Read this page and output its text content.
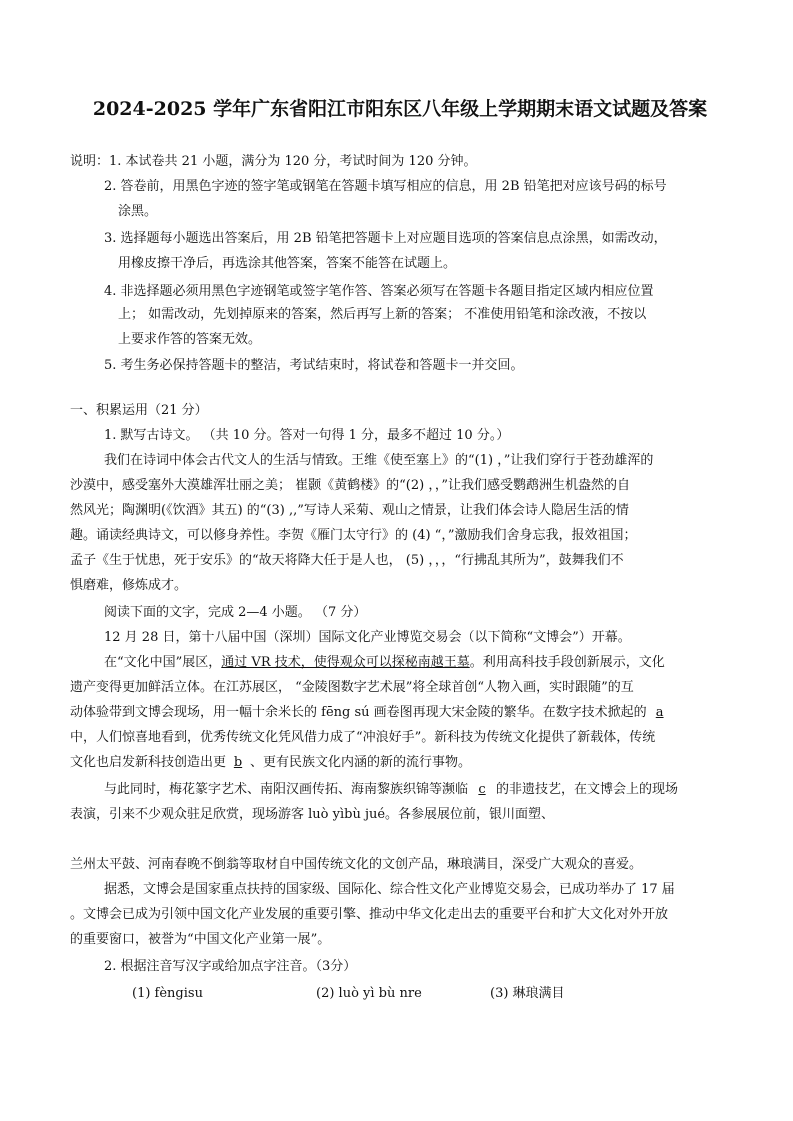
2024-2025 学年广东省阳江市阳东区八年级上学期期末语文试题及答案
说明：1. 本试卷共 21 小题，满分为 120 分，考试时间为 120 分钟。
2. 答卷前，用黑色字迹的签字笔或钢笔在答题卡填写相应的信息，用 2B 铅笔把对应该号码的标号
涂黑。
3. 选择题每小题选出答案后，用 2B 铅笔把答题卡上对应题目选项的答案信息点涂黑，如需改动，
用橡皮擦干净后，再选涂其他答案，答案不能答在试题上。
4. 非选择题必须用黑色字迹钢笔或签字笔作答、答案必须写在答题卡各题目指定区域内相应位置
上； 如需改动，先划掉原来的答案，然后再写上新的答案； 不准使用铅笔和涂改液，不按以
上要求作答的答案无效。
5. 考生务必保持答题卡的整洁，考试结束时，将试卷和答题卡一并交回。
一、积累运用（21 分）
1. 默写古诗文。 （共 10 分。答对一句得 1 分，最多不超过 10 分。）
我们在诗词中体会古代文人的生活与情致。王维《使至塞上》的“(1) ，”让我们穿行于苍劲雄浑的
沙漠中，感受塞外大漠雄浑壮丽之美； 崔颢《黄鹤楼》的“(2) ，，”让我们感受鹦鹉洲生机盎然的自
然风光；陶渊明(《饮酒》其五) 的“(3) ,,”写诗人采菊、观山之情景，让我们体会诗人隐居生活的情
趣。诵读经典诗文，可以修身养性。李贺《雁门太守行》的 (4) “，”激励我们舍身忘我，报效祖国；
孟子《生于忧患，死于安乐》的“故天将降大任于是人也， (5) ，，，“行拂乱其所为”，鼓舞我们不
惧磨难，修炼成才。
阅读下面的文字，完成 2—4 小题。 （7 分）
12 月 28 日，第十八届中国（深圳）国际文化产业博览交易会（以下简称“文博会”）开幕。
在“文化中国”展区，通过 VR 技术，使得观众可以探秘南越王墓。利用高科技手段创新展示，文化
遗产变得更加鲜活立体。在江苏展区， “金陵图数字艺术展”将全球首创“人物入画，实时跟随”的互
动体验带到文博会现场，用一幅十余米长的 fēng sú 画卷图再现大宋金陵的繁华。在数字技术掀起的 a
中，人们惊喜地看到，优秀传统文化凭风借力成了“冲浪好手”。新科技为传统文化提供了新载体，传统
文化也启发新科技创造出更 b 、更有民族文化内涵的新的流行事物。
与此同时，梅花篆字艺术、南阳汉画传拓、海南黎族织锦等濒临 c 的非遗技艺，在文博会上的现场
表演，引来不少观众驻足欣赏，现场游客 luò yìbù jué。各参展展位前，银川面塑、
兰州太平鼓、河南春晚不倒翁等取材自中国传统文化的文创产品，琳琅满目，深受广大观众的喜爱。
据悉，文博会是国家重点扶持的国家级、国际化、综合性文化产业博览交易会，已成功举办了 17 届
。文博会已成为引领中国文化产业发展的重要引擎、推动中华文化走出去的重要平台和扩大文化对外开放
的重要窗口，被誉为“中国文化产业第一展”。
2. 根据注音写汉字或给加点字注音。（3分）
(1) fèngisu	(2) luò yì bù nre	(3) 琳琅满目
